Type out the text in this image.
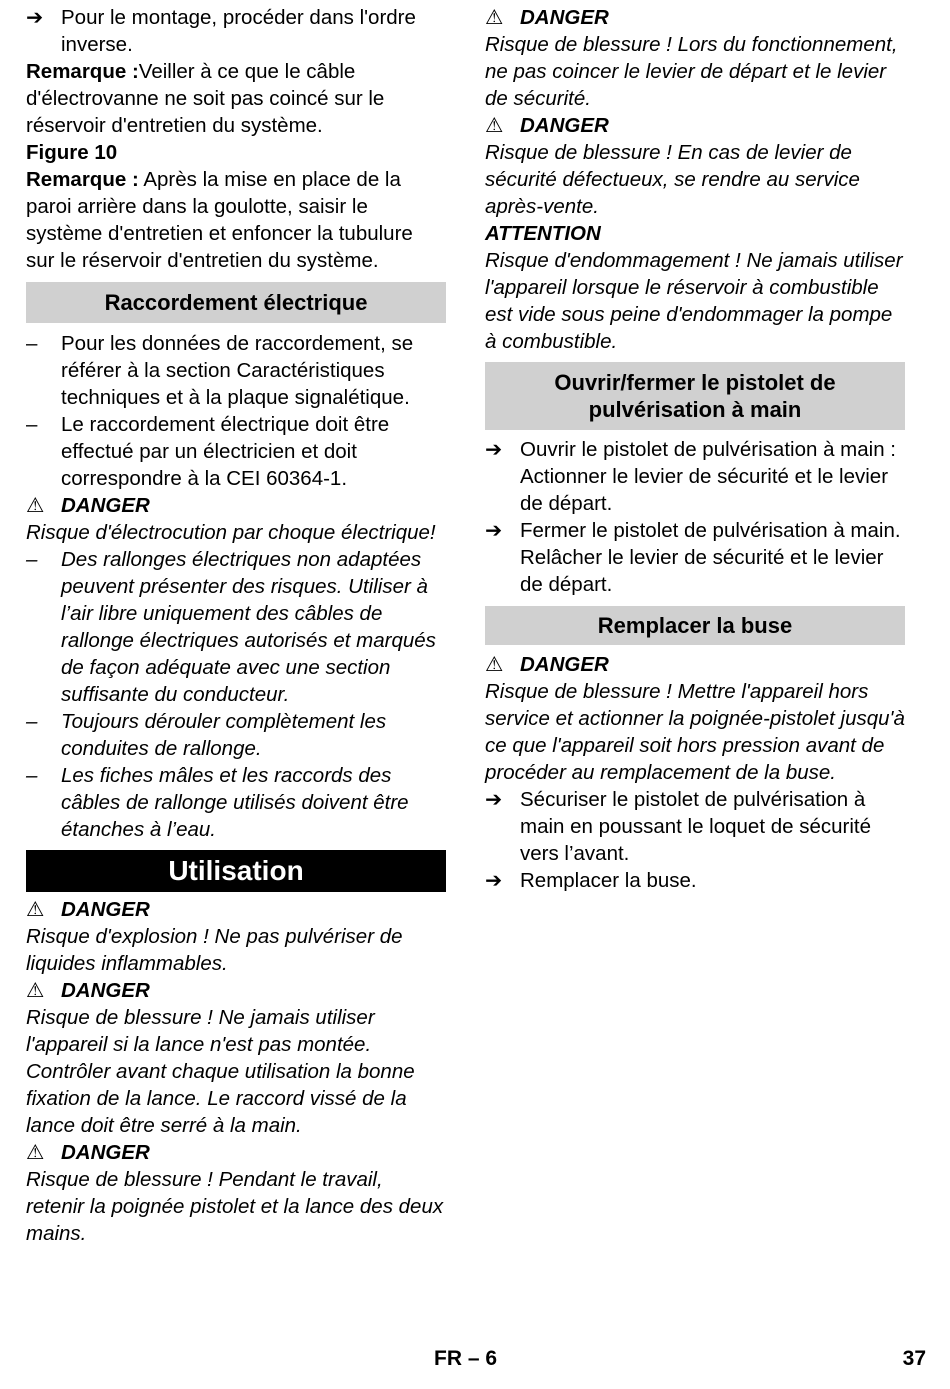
➔ Pour le montage, procéder dans l'ordre inverse.

Remarque :Veiller à ce que le câble d'électrovanne ne soit pas coincé sur le réservoir d'entretien du système.

Figure 10

Remarque : Après la mise en place de la paroi arrière dans la goulotte, saisir le système d'entretien et enfoncer la tubulure sur le réservoir d'entretien du système.

Raccordement électrique
–	Pour les données de raccordement, se référer à la section Caractéristiques techniques et à la plaque signalétique.
–	Le raccordement électrique doit être effectué par un électricien et doit correspondre à la CEI 60364-1.
⚠ DANGER

Risque d'électrocution par choque électrique!

–	Des rallonges électriques non adaptées peuvent présenter des risques. Utiliser à l’air libre uniquement des câbles de rallonge électriques autorisés et marqués de façon adéquate avec une section suffisante du conducteur.
–	Toujours dérouler complètement les conduites de rallonge.
–	Les fiches mâles et les raccords des câbles de rallonge utilisés doivent être étanches à l’eau.
Utilisation
⚠ DANGER

Risque d'explosion ! Ne pas pulvériser de liquides inflammables.

⚠ DANGER

Risque de blessure ! Ne jamais utiliser l'appareil si la lance n'est pas montée. Contrôler avant chaque utilisation la bonne fixation de la lance. Le raccord vissé de la lance doit être serré à la main.

⚠ DANGER

Risque de blessure ! Pendant le travail, retenir la poignée pistolet et la lance des deux mains.

⚠ DANGER

Risque de blessure ! Lors du fonctionnement, ne pas coincer le levier de départ et le levier de sécurité.

⚠ DANGER

Risque de blessure ! En cas de levier de sécurité défectueux, se rendre au service après-vente.

ATTENTION

Risque d'endommagement ! Ne jamais utiliser l'appareil lorsque le réservoir à combustible est vide sous peine d'endommager la pompe à combustible.

Ouvrir/fermer le pistolet de pulvérisation à main
➔ Ouvrir le pistolet de pulvérisation à main : Actionner le levier de sécurité et le levier de départ.
➔ Fermer le pistolet de pulvérisation à main. Relâcher le levier de sécurité et le levier de départ.
Remplacer la buse
⚠ DANGER

Risque de blessure ! Mettre l'appareil hors service et actionner la poignée-pistolet jusqu'à ce que l'appareil soit hors pression avant de procéder au remplacement de la buse.

➔ Sécuriser le pistolet de pulvérisation à main en poussant le loquet de sécurité vers l’avant.
➔ Remplacer la buse.
FR – 6	37
